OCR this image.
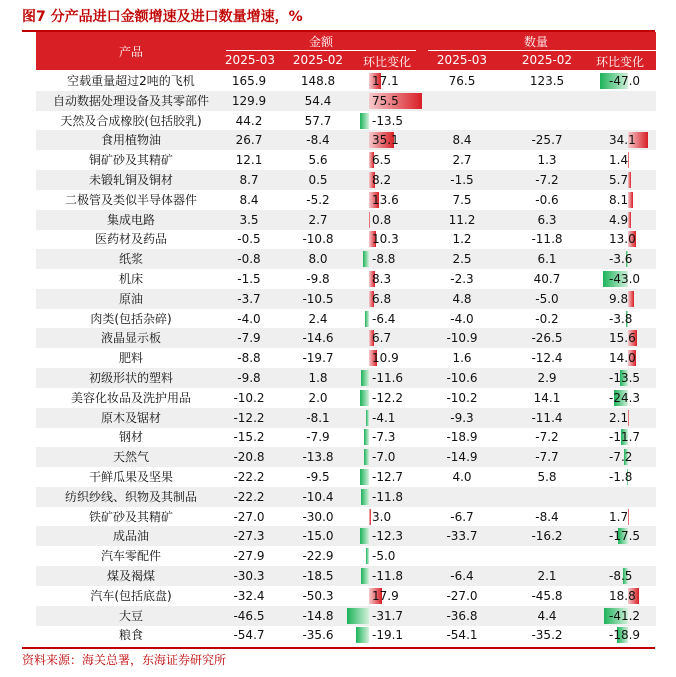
图7 分产品进口金额增速及进口数量增速，%
产品
金额	数量
2025-03	2025-02	环比变化	2025-03	2025-02	环比变化
空载重量超过2吨的飞机	165.9	148.8	17.1	76.5	123.5	-47.0
自动数据处理设备及其零部件	129.9	54.4	75.5
天然及合成橡胶(包括胶乳)	44.2	57.7	-13.5
食用植物油	26.7	-8.4	35.1	8.4	-25.7	34.1
铜矿砂及其精矿	12.1	5.6	6.5	2.7	1.3	1.4
未锻轧铜及铜材	8.7	0.5	8.2	-1.5	-7.2	5.7
二极管及类似半导体器件	8.4	-5.2	13.6	7.5	-0.6	8.1
集成电路	3.5	2.7	0.8	11.2	6.3	4.9
医药材及药品	-0.5	-10.8	10.3	1.2	-11.8	13.0
纸浆	-0.8	8.0	-8.8	2.5	6.1	-3.6
机床	-1.5	-9.8	8.3	-2.3	40.7	-43.0
原油	-3.7	-10.5	6.8	4.8	-5.0	9.8
肉类(包括杂碎)	-4.0	2.4	-6.4	-4.0	-0.2	-3.8
液晶显示板	-7.9	-14.6	6.7	-10.9	-26.5	15.6
肥料	-8.8	-19.7	10.9	1.6	-12.4	14.0
初级形状的塑料	-9.8	1.8	-11.6	-10.6	2.9	-13.5
美容化妆品及洗护用品	-10.2	2.0	-12.2	-10.2	14.1	-24.3
原木及锯材	-12.2	-8.1	-4.1	-9.3	-11.4	2.1
钢材	-15.2	-7.9	-7.3	-18.9	-7.2	-11.7
天然气	-20.8	-13.8	-7.0	-14.9	-7.7	-7.2
干鲜瓜果及坚果	-22.2	-9.5	-12.7	4.0	5.8	-1.8
纺织纱线、织物及其制品	-22.2	-10.4	-11.8
铁矿砂及其精矿	-27.0	-30.0	3.0	-6.7	-8.4	1.7
成品油	-27.3	-15.0	-12.3	-33.7	-16.2	-17.5
汽车零配件	-27.9	-22.9	-5.0
煤及褐煤	-30.3	-18.5	-11.8	-6.4	2.1	-8.5
汽车(包括底盘)	-32.4	-50.3	17.9	-27.0	-45.8	18.8
大豆	-46.5	-14.8	-31.7	-36.8	4.4	-41.2
粮食	-54.7	-35.6	-19.1	-54.1	-35.2	-18.9
资料来源：海关总署，东海证券研究所
